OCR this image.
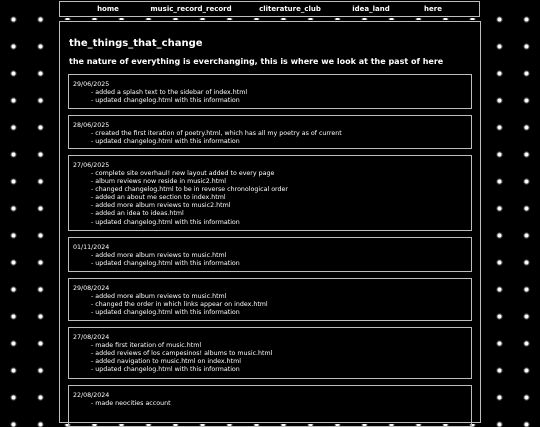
home	music_record_record	cliterature_club	idea_land	here
the_things_that_change
the nature of everything is everchanging, this is where we look at the past of here
29/06/2025
- added a splash text to the sidebar of index.html
- updated changelog.html with this information
28/06/2025
- created the first iteration of poetry.html, which has all my poetry as of current
- updated changelog.html with this information
27/06/2025
- complete site overhaul! new layout added to every page
- album reviews now reside in music2.html
- changed changelog.html to be in reverse chronological order
- added an about me section to index.html
- added more album reviews to music2.html
- added an idea to ideas.html
- updated changelog.html with this information
01/11/2024
- added more album reviews to music.html
- updated changelog.html with this information
29/08/2024
- added more album reviews to music.html
- changed the order in which links appear on index.html
- updated changelog.html with this information
27/08/2024
- made first iteration of music.html
- added reviews of los campesinos! albums to music.html
- added navigation to music.html on index.html
- updated changelog.html with this information
22/08/2024
- made neocities account
